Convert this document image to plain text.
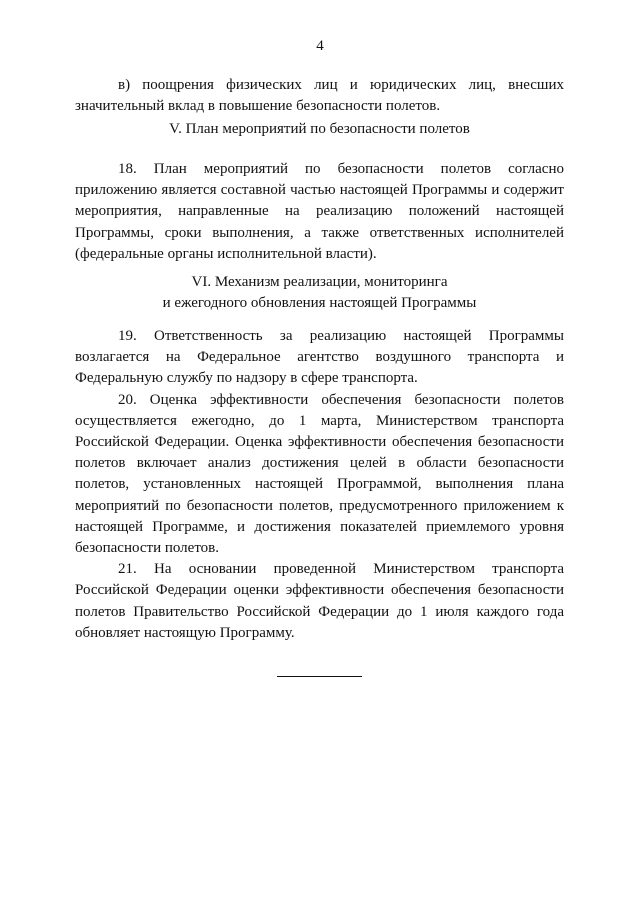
4

в) поощрения физических лиц и юридических лиц, внесших значительный вклад в повышение безопасности полетов.

V. План мероприятий по безопасности полетов

18. План мероприятий по безопасности полетов согласно приложению является составной частью настоящей Программы и содержит мероприятия, направленные на реализацию положений настоящей Программы, сроки выполнения, а также ответственных исполнителей (федеральные органы исполнительной власти).

VI. Механизм реализации, мониторинга

и ежегодного обновления настоящей Программы

19. Ответственность за реализацию настоящей Программы возлагается на Федеральное агентство воздушного транспорта и Федеральную службу по надзору в сфере транспорта.

20. Оценка эффективности обеспечения безопасности полетов осуществляется ежегодно, до 1 марта, Министерством транспорта Российской Федерации. Оценка эффективности обеспечения безопасности полетов включает анализ достижения целей в области безопасности полетов, установленных настоящей Программой, выполнения плана мероприятий по безопасности полетов, предусмотренного приложением к настоящей Программе, и достижения показателей приемлемого уровня безопасности полетов.

21. На основании проведенной Министерством транспорта Российской Федерации оценки эффективности обеспечения безопасности полетов Правительство Российской Федерации до 1 июля каждого года обновляет настоящую Программу.
